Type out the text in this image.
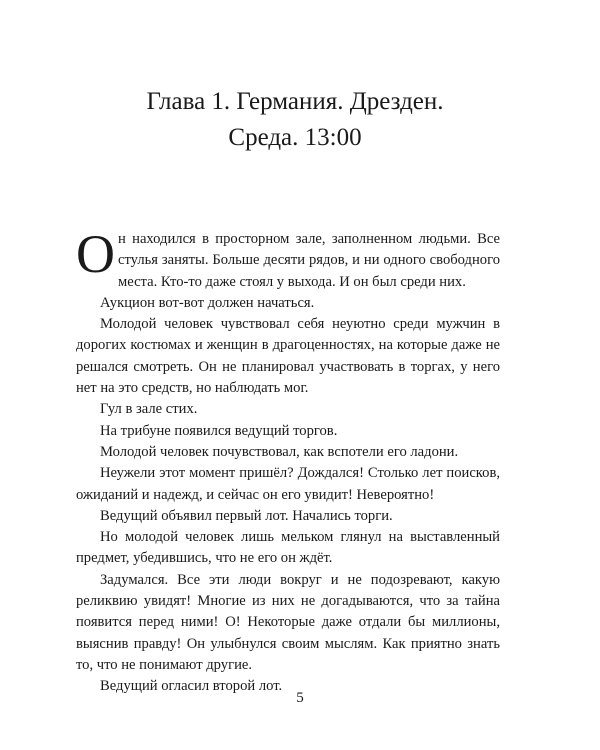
Глава 1. Германия. Дрезден.
Среда. 13:00

Он находился в просторном зале, заполненном людьми. Все стулья заняты. Больше десяти рядов, и ни одного свободного места. Кто-то даже стоял у выхода. И он был среди них.

Аукцион вот-вот должен начаться.

Молодой человек чувствовал себя неуютно среди мужчин в дорогих костюмах и женщин в драгоценностях, на которые даже не решался смотреть. Он не планировал участвовать в торгах, у него нет на это средств, но наблюдать мог.

Гул в зале стих.

На трибуне появился ведущий торгов.

Молодой человек почувствовал, как вспотели его ладони.

Неужели этот момент пришёл? Дождался! Столько лет поисков, ожиданий и надежд, и сейчас он его увидит! Невероятно!

Ведущий объявил первый лот. Начались торги.

Но молодой человек лишь мельком глянул на выставленный предмет, убедившись, что не его он ждёт.

Задумался. Все эти люди вокруг и не подозревают, какую реликвию увидят! Многие из них не догадываются, что за тайна появится перед ними! О! Некоторые даже отдали бы миллионы, выяснив правду! Он улыбнулся своим мыслям. Как приятно знать то, что не понимают другие.

Ведущий огласил второй лот.

5
